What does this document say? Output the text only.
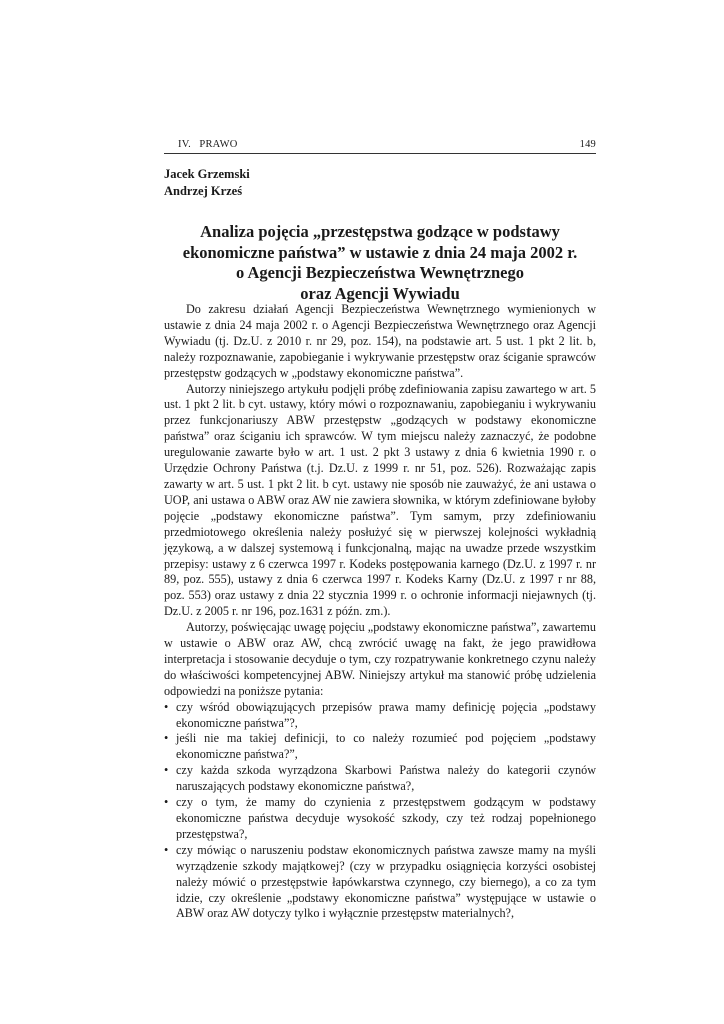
IV.   PRAWO	149
Jacek Grzemski
Andrzej Krześ
Analiza pojęcia „przestępstwa godzące w podstawy
ekonomiczne państwa” w ustawie z dnia 24 maja 2002 r.
o Agencji Bezpieczeństwa Wewnętrznego
oraz Agencji Wywiadu

Do zakresu działań Agencji Bezpieczeństwa Wewnętrznego wymienionych w ustawie z dnia 24 maja 2002 r. o Agencji Bezpieczeństwa Wewnętrznego oraz Agencji Wywiadu (tj. Dz.U. z 2010 r. nr 29, poz. 154), na podstawie art. 5 ust. 1 pkt 2 lit. b, należy rozpoznawanie, zapobieganie i wykrywanie przestępstw oraz ściganie sprawców przestępstw godzących w „podstawy ekonomiczne państwa”.

Autorzy niniejszego artykułu podjęli próbę zdefiniowania zapisu zawartego w art. 5 ust. 1 pkt 2 lit. b cyt. ustawy, który mówi o rozpoznawaniu, zapobieganiu i wykrywaniu przez funkcjonariuszy ABW przestępstw „godzących w podstawy ekonomiczne państwa” oraz ściganiu ich sprawców. W tym miejscu należy zaznaczyć, że podobne uregulowanie zawarte było w art. 1 ust. 2 pkt 3 ustawy z dnia 6 kwietnia 1990 r. o Urzędzie Ochrony Państwa (t.j. Dz.U. z 1999 r. nr 51, poz. 526). Rozważając zapis zawarty w art. 5 ust. 1 pkt 2 lit. b cyt. ustawy nie sposób nie zauważyć, że ani ustawa o UOP, ani ustawa o ABW oraz AW nie zawiera słownika, w którym zdefiniowane byłoby pojęcie „podstawy ekonomiczne państwa”. Tym samym, przy zdefiniowaniu przedmiotowego określenia należy posłużyć się w pierwszej kolejności wykładnią językową, a w dalszej systemową i funkcjonalną, mając na uwadze przede wszystkim przepisy: ustawy z 6 czerwca 1997 r. Kodeks postępowania karnego (Dz.U. z 1997 r. nr 89, poz. 555), ustawy z dnia 6 czerwca 1997 r. Kodeks Karny (Dz.U. z 1997 r nr 88, poz. 553) oraz ustawy z dnia 22 stycznia 1999 r. o ochronie informacji niejawnych (tj. Dz.U. z 2005 r. nr 196, poz.1631 z późn. zm.).

Autorzy, poświęcając uwagę pojęciu „podstawy ekonomiczne państwa”, zawartemu w ustawie o ABW oraz AW, chcą zwrócić uwagę na fakt, że jego prawidłowa interpretacja i stosowanie decyduje o tym, czy rozpatrywanie konkretnego czynu należy do właściwości kompetencyjnej ABW. Niniejszy artykuł ma stanowić próbę udzielenia odpowiedzi na poniższe pytania:

• czy wśród obowiązujących przepisów prawa mamy definicję pojęcia „podstawy ekonomiczne państwa”?,
• jeśli nie ma takiej definicji, to co należy rozumieć pod pojęciem „podstawy ekonomiczne państwa?”,
• czy każda szkoda wyrządzona Skarbowi Państwa należy do kategorii czynów naruszających podstawy ekonomiczne państwa?,
• czy o tym, że mamy do czynienia z przestępstwem godzącym w podstawy ekonomiczne państwa decyduje wysokość szkody, czy też rodzaj popełnionego przestępstwa?,
• czy mówiąc o naruszeniu podstaw ekonomicznych państwa zawsze mamy na myśli wyrządzenie szkody majątkowej? (czy w przypadku osiągnięcia korzyści osobistej należy mówić o przestępstwie łapówkarstwa czynnego, czy biernego), a co za tym idzie, czy określenie „podstawy ekonomiczne państwa” występujące w ustawie o ABW oraz AW dotyczy tylko i wyłącznie przestępstw materialnych?,
